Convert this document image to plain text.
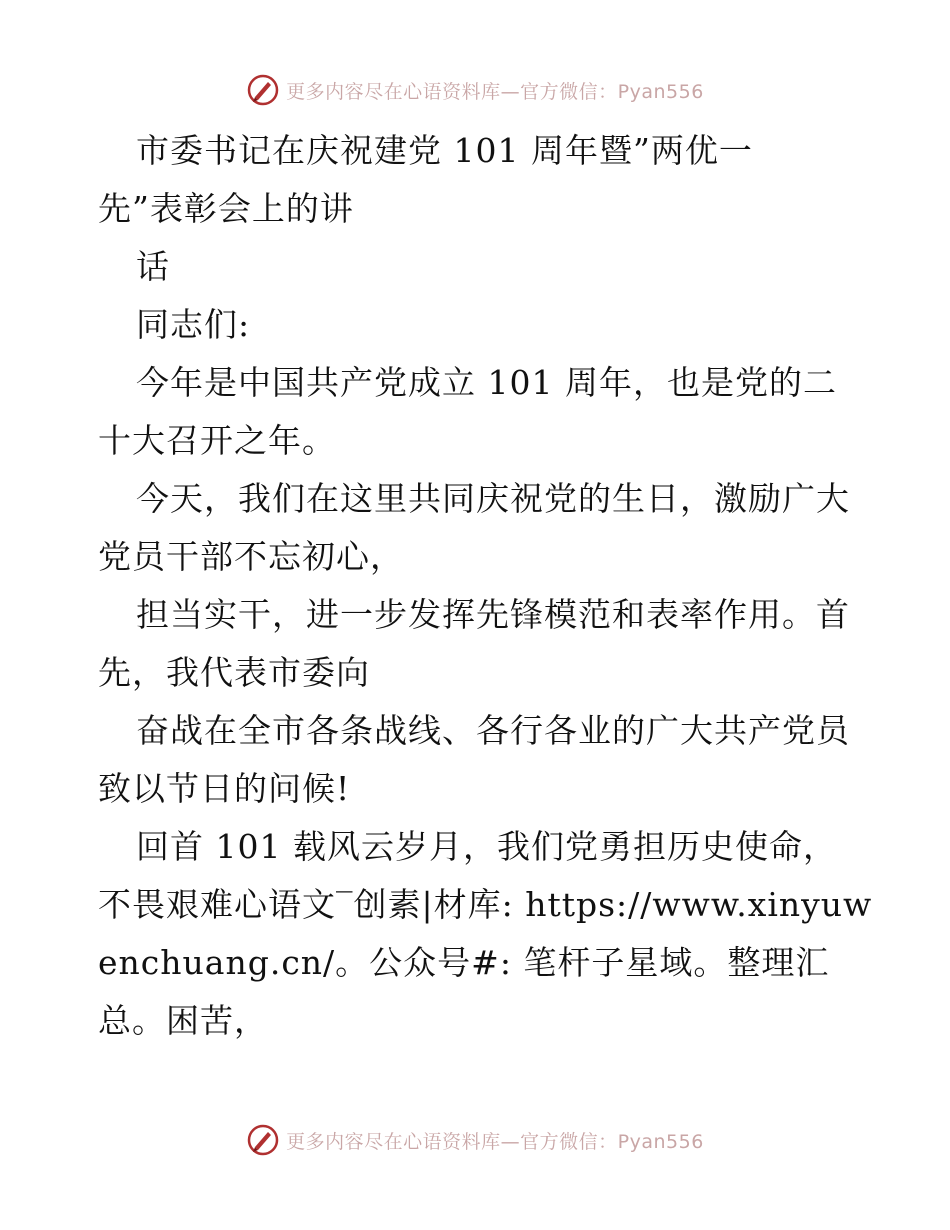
更多内容尽在心语资料库—官方微信：Pyan556
市委书记在庆祝建党 101 周年暨”两优一
先”表彰会上的讲
话
同志们:
今年是中国共产党成立 101 周年，也是党的二
十大召开之年。
今天，我们在这里共同庆祝党的生日，激励广大
党员干部不忘初心，
担当实干，进一步发挥先锋模范和表率作用。首
先，我代表市委向
奋战在全市各条战线、各行各业的广大共产党员
致以节日的问候!
回首 101 载风云岁月，我们党勇担历史使命，
不畏艰难心语文‾创素|材库: https://www.xinyuw
enchuang.cn/。公众号#: 笔杆子星域。整理汇
总。困苦，
更多内容尽在心语资料库—官方微信：Pyan556
